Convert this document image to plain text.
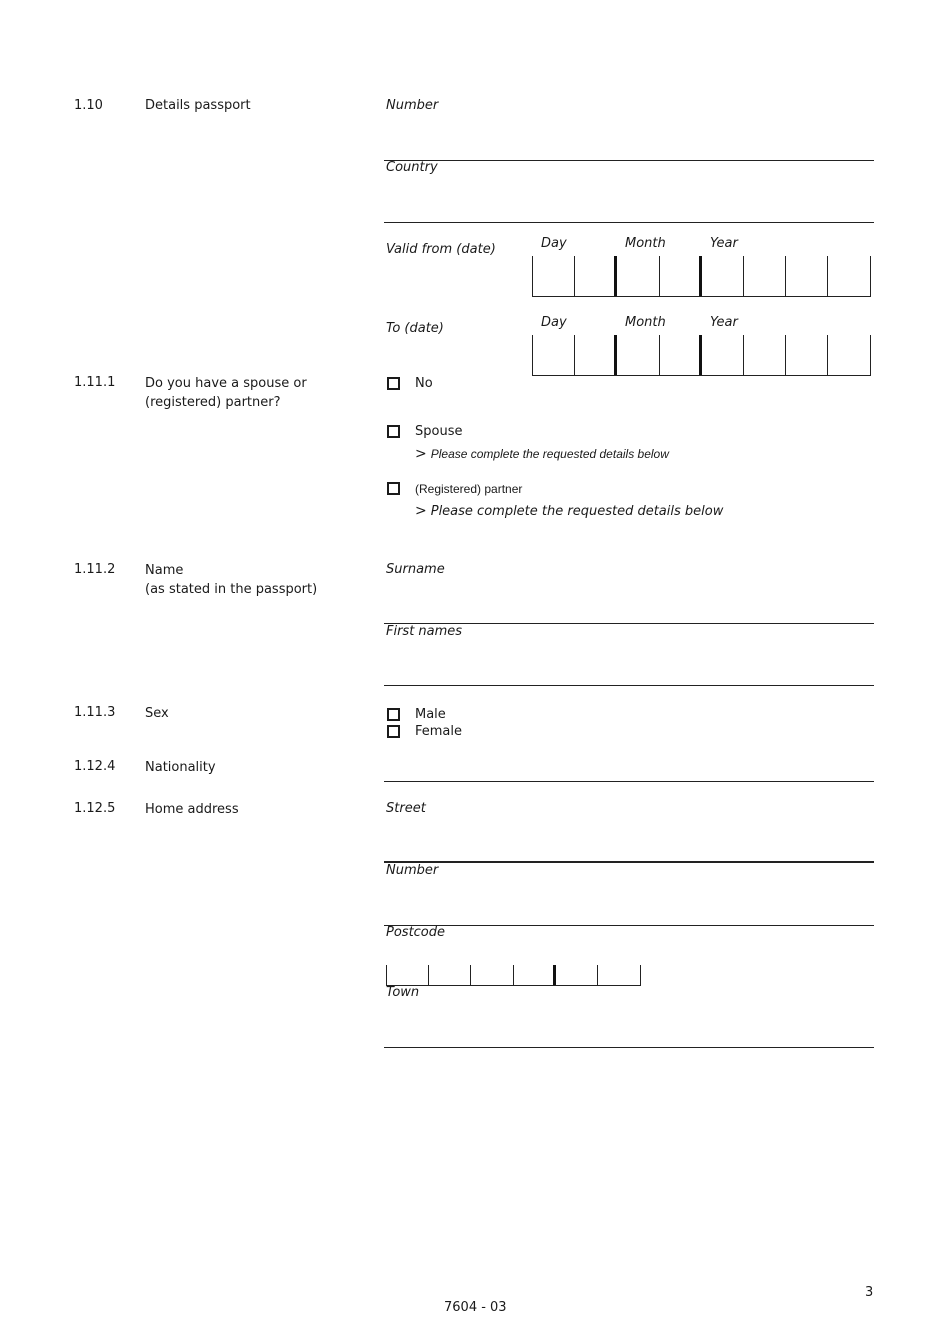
1.10	Details passport	Number
Country
Valid from (date)	Day	Month	Year
To (date)	Day	Month	Year
1.11.1 Do you have a spouse or (registered) partner?
No
Spouse
> Please complete the requested details below
(Registered) partner
> Please complete the requested details below
1.11.2 Name
(as stated in the passport)
Surname
First names
1.11.3 Sex	Male
Female
1.12.4 Nationality
1.12.5 Home address	Street
Number
Postcode
Town
7604 - 03
3
